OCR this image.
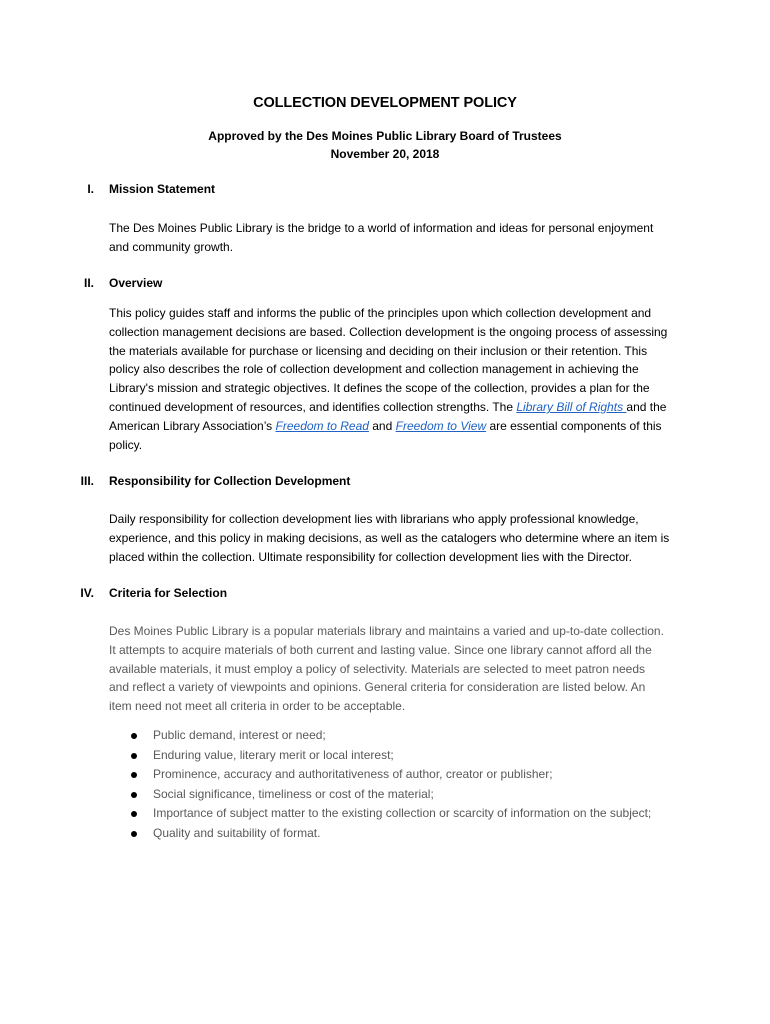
COLLECTION DEVELOPMENT POLICY
Approved by the Des Moines Public Library Board of Trustees
November 20, 2018
I. Mission Statement
The Des Moines Public Library is the bridge to a world of information and ideas for personal enjoyment
and community growth.
II. Overview
This policy guides staff and informs the public of the principles upon which collection development and
collection management decisions are based. Collection development is the ongoing process of assessing
the materials available for purchase or licensing and deciding on their inclusion or their retention. This
policy also describes the role of collection development and collection management in achieving the
Library's mission and strategic objectives. It defines the scope of the collection, provides a plan for the
continued development of resources, and identifies collection strengths. The Library Bill of Rights and the
American Library Association’s Freedom to Read and Freedom to View are essential components of this
policy.
III. Responsibility for Collection Development
Daily responsibility for collection development lies with librarians who apply professional knowledge,
experience, and this policy in making decisions, as well as the catalogers who determine where an item is
placed within the collection. Ultimate responsibility for collection development lies with the Director.
IV. Criteria for Selection
Des Moines Public Library is a popular materials library and maintains a varied and up-to-date collection.
It attempts to acquire materials of both current and lasting value. Since one library cannot afford all the
available materials, it must employ a policy of selectivity. Materials are selected to meet patron needs
and reflect a variety of viewpoints and opinions. General criteria for consideration are listed below. An
item need not meet all criteria in order to be acceptable.
Public demand, interest or need;
Enduring value, literary merit or local interest;
Prominence, accuracy and authoritativeness of author, creator or publisher;
Social significance, timeliness or cost of the material;
Importance of subject matter to the existing collection or scarcity of information on the subject;
Quality and suitability of format.
